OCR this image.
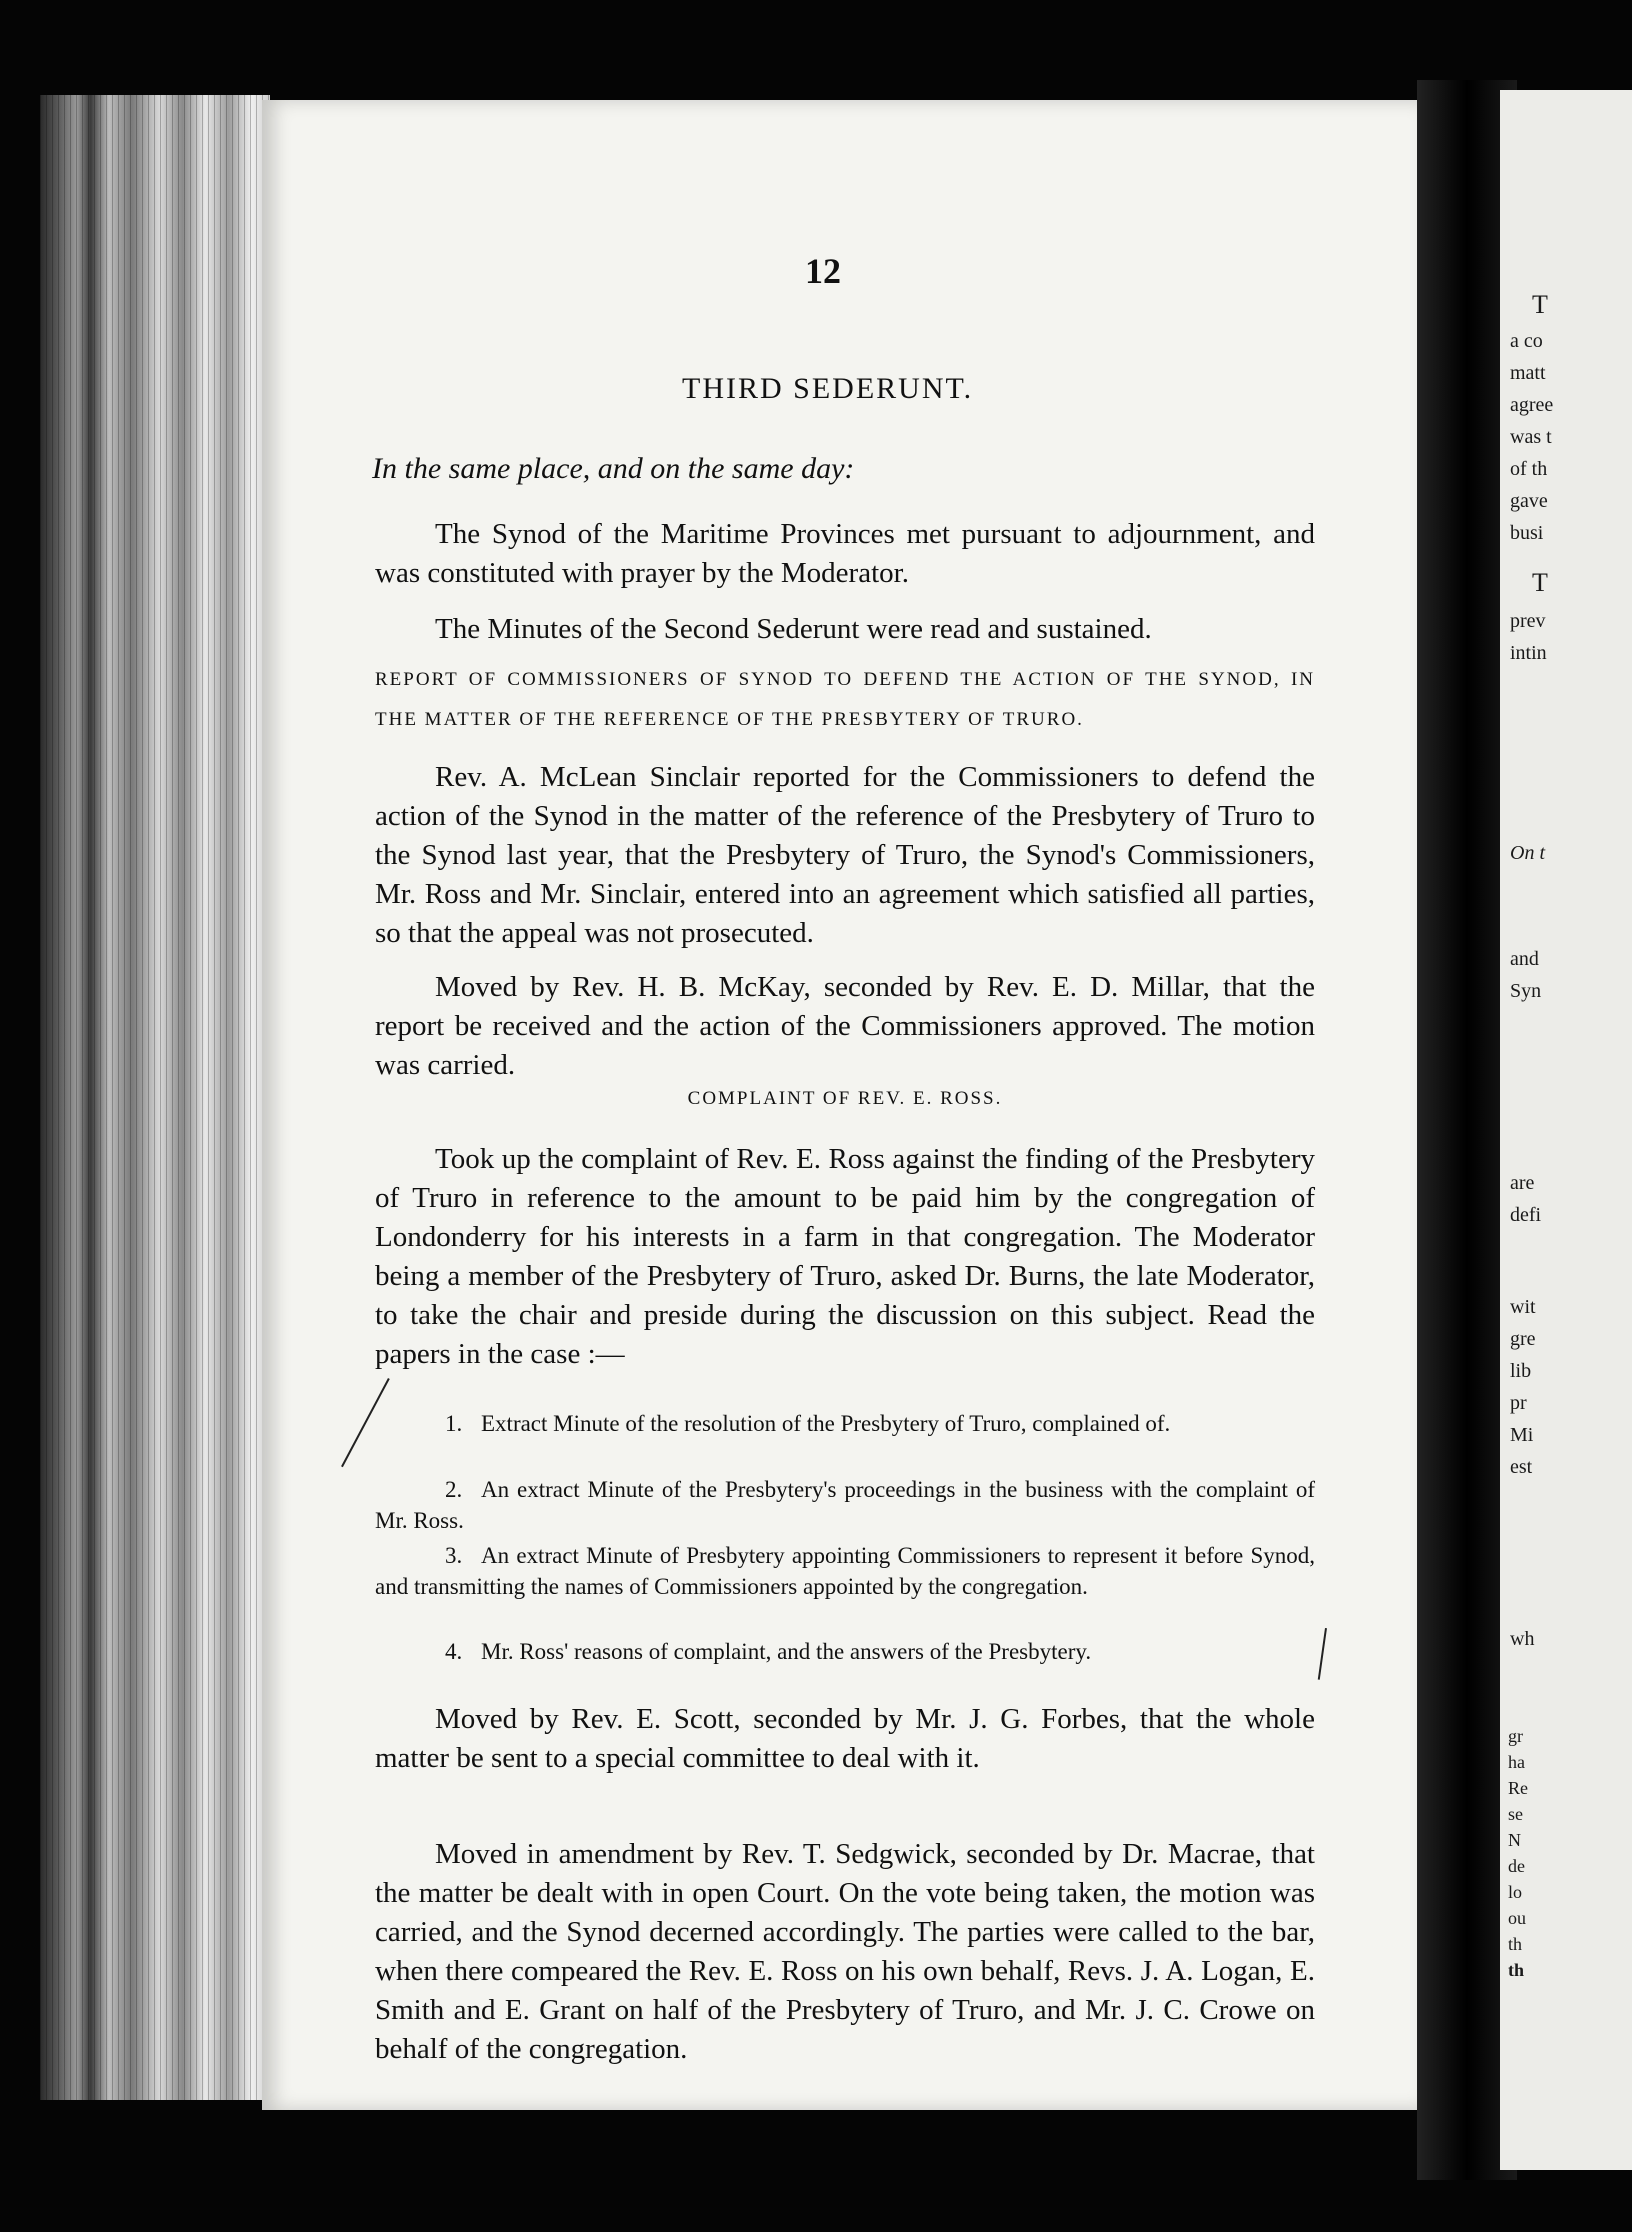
T
a co
matt
agree
was t
of th
gave
busi
T
prev
intin
On t
and
Syn
are
defi
wit
gre
lib
pr
Mi
est
wh
gr
ha
Re
se
N
de
lo
ou
th
th
12
THIRD SEDERUNT.
In the same place, and on the same day:
The Synod of the Maritime Provinces met pursuant to adjournment, and was constituted with prayer by the Moderator.
The Minutes of the Second Sederunt were read and sustained.
REPORT OF COMMISSIONERS OF SYNOD TO DEFEND THE ACTION OF THE SYNOD, IN THE MATTER OF THE REFERENCE OF THE PRESBYTERY OF TRURO.
Rev. A. McLean Sinclair reported for the Commissioners to defend the action of the Synod in the matter of the reference of the Presbytery of Truro to the Synod last year, that the Presbytery of Truro, the Synod's Commissioners, Mr. Ross and Mr. Sinclair, entered into an agreement which satisfied all parties, so that the appeal was not prosecuted.
Moved by Rev. H. B. McKay, seconded by Rev. E. D. Millar, that the report be received and the action of the Commissioners approved. The motion was carried.
COMPLAINT OF REV. E. ROSS.
Took up the complaint of Rev. E. Ross against the finding of the Presbytery of Truro in reference to the amount to be paid him by the congregation of Londonderry for his interests in a farm in that congregation. The Moderator being a member of the Presbytery of Truro, asked Dr. Burns, the late Moderator, to take the chair and preside during the discussion on this subject. Read the papers in the case :—
1. Extract Minute of the resolution of the Presbytery of Truro, complained of.
2. An extract Minute of the Presbytery's proceedings in the business with the complaint of Mr. Ross.
3. An extract Minute of Presbytery appointing Commissioners to represent it before Synod, and transmitting the names of Commissioners appointed by the congregation.
4. Mr. Ross' reasons of complaint, and the answers of the Presbytery.
Moved by Rev. E. Scott, seconded by Mr. J. G. Forbes, that the whole matter be sent to a special committee to deal with it.
Moved in amendment by Rev. T. Sedgwick, seconded by Dr. Macrae, that the matter be dealt with in open Court. On the vote being taken, the motion was carried, and the Synod decerned accordingly. The parties were called to the bar, when there compeared the Rev. E. Ross on his own behalf, Revs. J. A. Logan, E. Smith and E. Grant on half of the Presbytery of Truro, and Mr. J. C. Crowe on behalf of the congregation.
